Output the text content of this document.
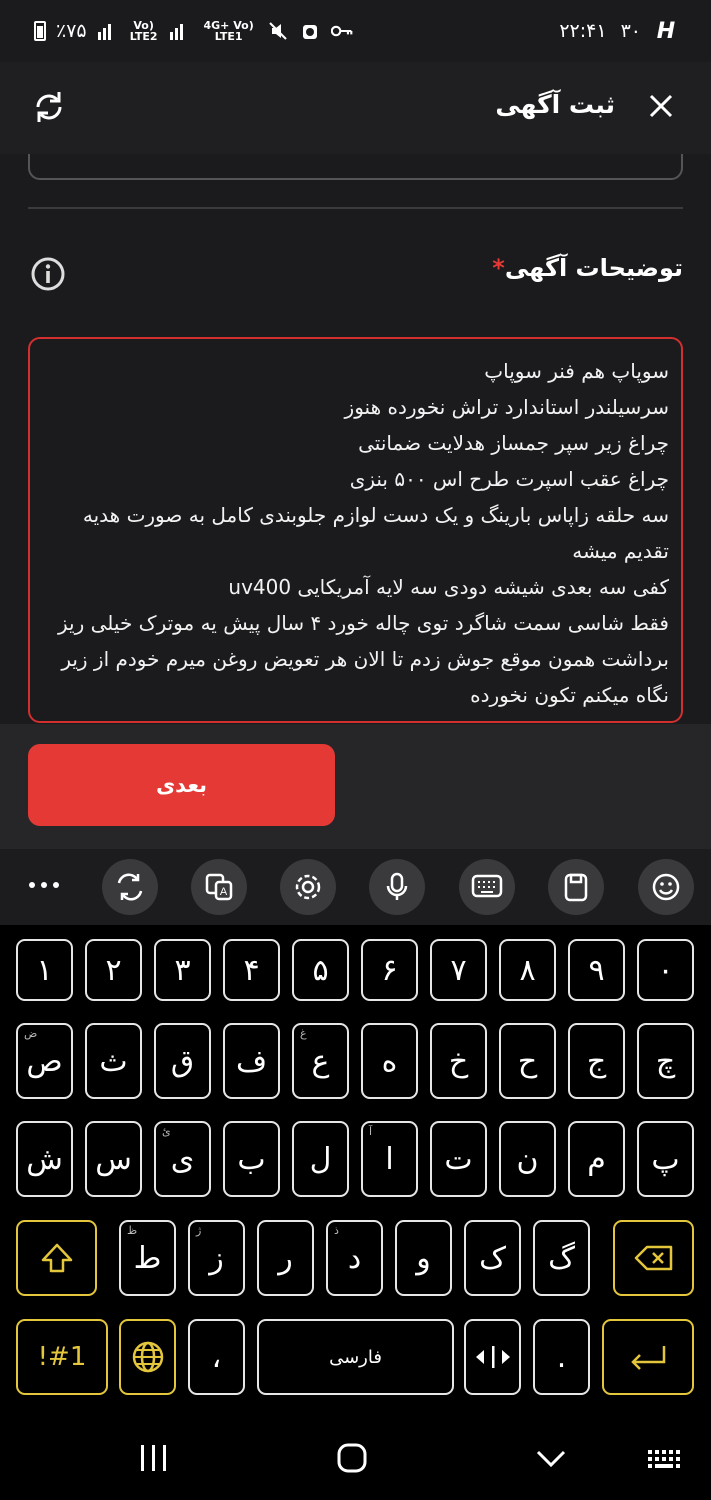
٪۷۵	Vo) LTE2
4G+ Vo) LTE1	۲۲:۴۱ ۳۰ H
ثبت آگهی
توضیحات آگهی*
سوپاپ هم فنر سوپاپ
سرسیلندر استاندارد تراش نخورده هنوز
چراغ زیر سپر جمساز هدلایت ضمانتی
چراغ عقب اسپرت طرح اس ۵۰۰ بنزی
سه حلقه زاپاس بارینگ و یک دست لوازم جلوبندی کامل به صورت هدیه
تقدیم میشه
کفی سه بعدی شیشه دودی سه لایه آمریکایی uv400
فقط شاسی سمت شاگرد توی چاله خورد ۴ سال پیش یه موترک خیلی ریز
برداشت همون موقع جوش زدم تا الان هر تعویض روغن میرم خودم از زیر
نگاه میکنم تکون نخورده
بعدی
A
۱	۲	۳	۴	۵	۶	۷	۸	۹	۰
ض
ص ث ق ف
غ
ع ه خ ح ج چ
ش س
ئ
ی ب ل
آ
ا ت ن م پ
ظ
ط
ژ
ز ر
ذ
د و ک گ
!#1	،	فارسی	.
